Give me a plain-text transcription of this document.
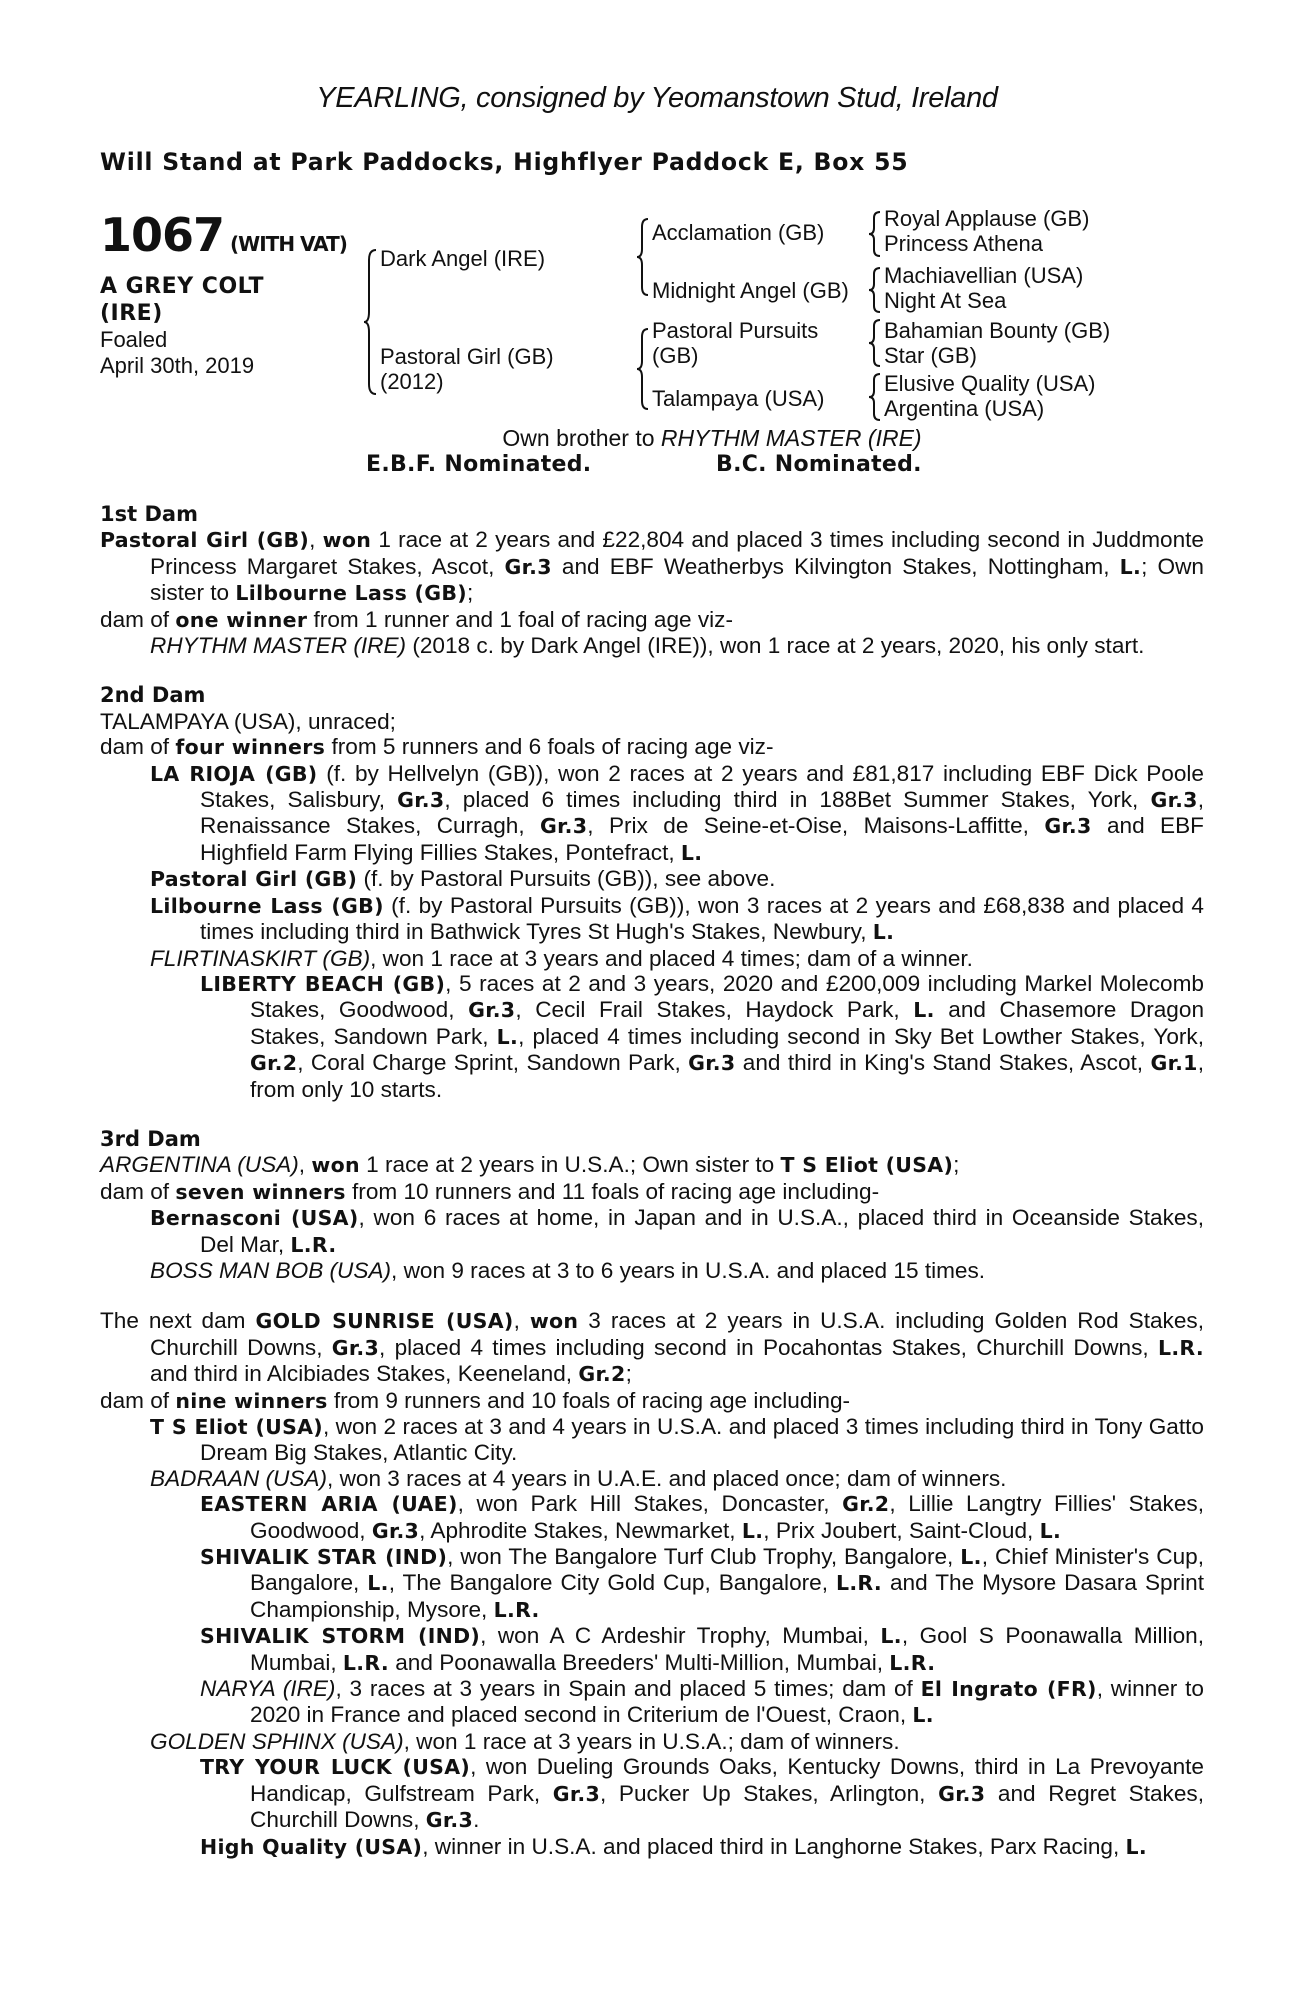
YEARLING, consigned by Yeomanstown Stud, Ireland
Will Stand at Park Paddocks, Highflyer Paddock E, Box 55
1067 (WITH VAT)
A GREY COLT
(IRE)
Foaled
April 30th, 2019
Dark Angel (IRE)
Pastoral Girl (GB)
(2012)
Acclamation (GB)
Midnight Angel (GB)
Pastoral Pursuits
(GB)
Talampaya (USA)
Royal Applause (GB)
Princess Athena
Machiavellian (USA)
Night At Sea
Bahamian Bounty (GB)
Star (GB)
Elusive Quality (USA)
Argentina (USA)
Own brother to RHYTHM MASTER (IRE)
E.B.F. Nominated.	B.C. Nominated.
1st Dam
Pastoral Girl (GB), won 1 race at 2 years and £22,804 and placed 3 times including second in Juddmonte Princess Margaret Stakes, Ascot, Gr.3 and EBF Weatherbys Kilvington Stakes, Nottingham, L.; Own sister to Lilbourne Lass (GB);
dam of one winner from 1 runner and 1 foal of racing age viz-
RHYTHM MASTER (IRE) (2018 c. by Dark Angel (IRE)), won 1 race at 2 years, 2020, his only start.
2nd Dam
TALAMPAYA (USA), unraced;
dam of four winners from 5 runners and 6 foals of racing age viz-
LA RIOJA (GB) (f. by Hellvelyn (GB)), won 2 races at 2 years and £81,817 including EBF Dick Poole Stakes, Salisbury, Gr.3, placed 6 times including third in 188Bet Summer Stakes, York, Gr.3, Renaissance Stakes, Curragh, Gr.3, Prix de Seine-et-Oise, Maisons-Laffitte, Gr.3 and EBF Highfield Farm Flying Fillies Stakes, Pontefract, L.
Pastoral Girl (GB) (f. by Pastoral Pursuits (GB)), see above.
Lilbourne Lass (GB) (f. by Pastoral Pursuits (GB)), won 3 races at 2 years and £68,838 and placed 4 times including third in Bathwick Tyres St Hugh's Stakes, Newbury, L.
FLIRTINASKIRT (GB), won 1 race at 3 years and placed 4 times; dam of a winner.
LIBERTY BEACH (GB), 5 races at 2 and 3 years, 2020 and £200,009 including Markel Molecomb Stakes, Goodwood, Gr.3, Cecil Frail Stakes, Haydock Park, L. and Chasemore Dragon Stakes, Sandown Park, L., placed 4 times including second in Sky Bet Lowther Stakes, York, Gr.2, Coral Charge Sprint, Sandown Park, Gr.3 and third in King's Stand Stakes, Ascot, Gr.1, from only 10 starts.
3rd Dam
ARGENTINA (USA), won 1 race at 2 years in U.S.A.; Own sister to T S Eliot (USA);
dam of seven winners from 10 runners and 11 foals of racing age including-
Bernasconi (USA), won 6 races at home, in Japan and in U.S.A., placed third in Oceanside Stakes, Del Mar, L.R.
BOSS MAN BOB (USA), won 9 races at 3 to 6 years in U.S.A. and placed 15 times.
The next dam GOLD SUNRISE (USA), won 3 races at 2 years in U.S.A. including Golden Rod Stakes, Churchill Downs, Gr.3, placed 4 times including second in Pocahontas Stakes, Churchill Downs, L.R. and third in Alcibiades Stakes, Keeneland, Gr.2;
dam of nine winners from 9 runners and 10 foals of racing age including-
T S Eliot (USA), won 2 races at 3 and 4 years in U.S.A. and placed 3 times including third in Tony Gatto Dream Big Stakes, Atlantic City.
BADRAAN (USA), won 3 races at 4 years in U.A.E. and placed once; dam of winners.
EASTERN ARIA (UAE), won Park Hill Stakes, Doncaster, Gr.2, Lillie Langtry Fillies' Stakes, Goodwood, Gr.3, Aphrodite Stakes, Newmarket, L., Prix Joubert, Saint-Cloud, L.
SHIVALIK STAR (IND), won The Bangalore Turf Club Trophy, Bangalore, L., Chief Minister's Cup, Bangalore, L., The Bangalore City Gold Cup, Bangalore, L.R. and The Mysore Dasara Sprint Championship, Mysore, L.R.
SHIVALIK STORM (IND), won A C Ardeshir Trophy, Mumbai, L., Gool S Poonawalla Million, Mumbai, L.R. and Poonawalla Breeders' Multi-Million, Mumbai, L.R.
NARYA (IRE), 3 races at 3 years in Spain and placed 5 times; dam of El Ingrato (FR), winner to 2020 in France and placed second in Criterium de l'Ouest, Craon, L.
GOLDEN SPHINX (USA), won 1 race at 3 years in U.S.A.; dam of winners.
TRY YOUR LUCK (USA), won Dueling Grounds Oaks, Kentucky Downs, third in La Prevoyante Handicap, Gulfstream Park, Gr.3, Pucker Up Stakes, Arlington, Gr.3 and Regret Stakes, Churchill Downs, Gr.3.
High Quality (USA), winner in U.S.A. and placed third in Langhorne Stakes, Parx Racing, L.
